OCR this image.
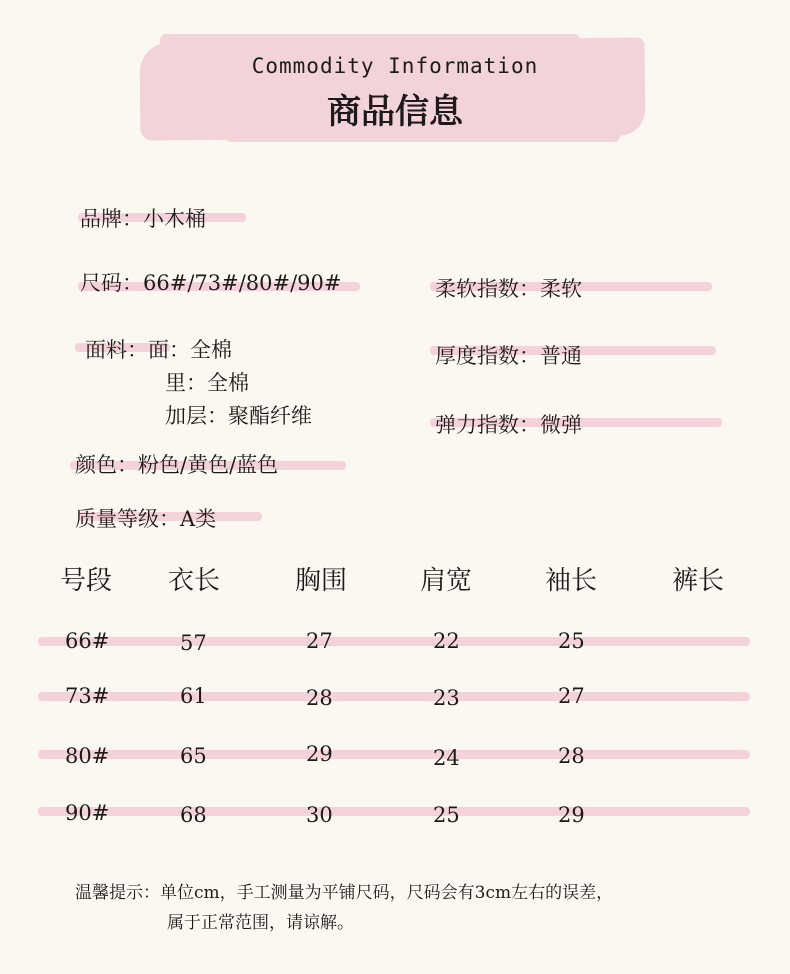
Commodity Information
商品信息
品牌：小木桶
尺码：66#/73#/80#/90#
面料：面：全棉
里：全棉
加层：聚酯纤维
颜色：粉色/黄色/蓝色
质量等级：A类
柔软指数：柔软
厚度指数：普通
弹力指数：微弹
号段 衣长	胸围	肩宽	袖长	裤长
66#	57	27	22	25
73#	61	28	23	27
80#	65	29	24	28
90#	68	30	25	29
温馨提示：单位cm，手工测量为平铺尺码，尺码会有3cm左右的误差，
属于正常范围，请谅解。
